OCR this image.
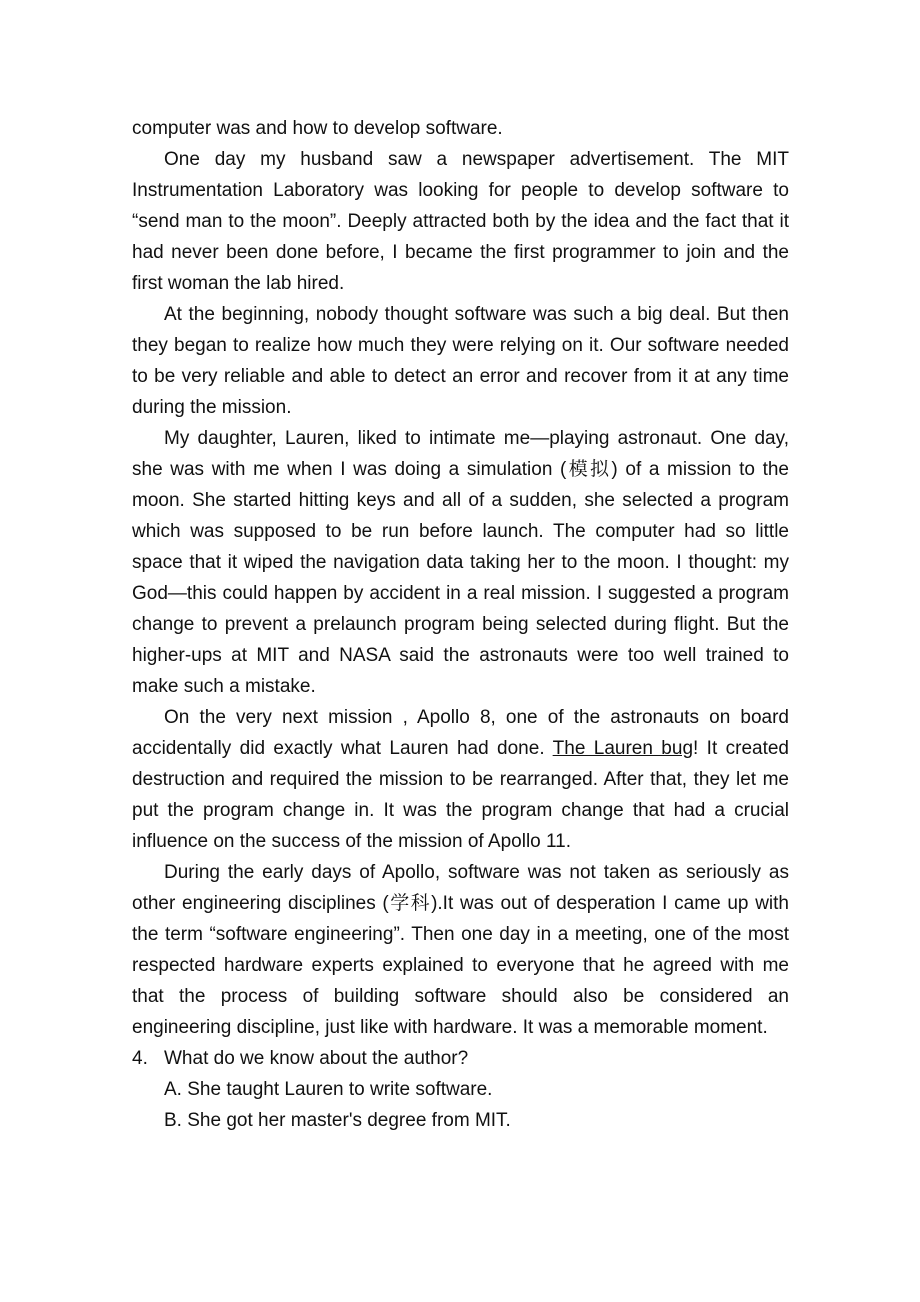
computer was and how to develop software.

One day my husband saw a newspaper advertisement. The MIT Instrumentation Laboratory was looking for people to develop software to “send man to the moon”. Deeply attracted both by the idea and the fact that it had never been done before, I became the first programmer to join and the first woman the lab hired.

At the beginning, nobody thought software was such a big deal. But then they began to realize how much they were relying on it. Our software needed to be very reliable and able to detect an error and recover from it at any time during the mission.

My daughter, Lauren, liked to intimate me—playing astronaut. One day, she was with me when I was doing a simulation (模拟) of a mission to the moon. She started hitting keys and all of a sudden, she selected a program which was supposed to be run before launch. The computer had so little space that it wiped the navigation data taking her to the moon. I thought: my God—this could happen by accident in a real mission. I suggested a program change to prevent a prelaunch program being selected during flight. But the higher-ups at MIT and NASA said the astronauts were too well trained to make such a mistake.

On the very next mission , Apollo 8, one of the astronauts on board accidentally did exactly what Lauren had done. The Lauren bug! It created destruction and required the mission to be rearranged. After that, they let me put the program change in. It was the program change that had a crucial influence on the success of the mission of Apollo 11.

During the early days of Apollo, software was not taken as seriously as other engineering disciplines (学科).It was out of desperation I came up with the term “software engineering”. Then one day in a meeting, one of the most respected hardware experts explained to everyone that he agreed with me that the process of building software should also be considered an engineering discipline, just like with hardware. It was a memorable moment.

4. What do we know about the author?

A. She taught Lauren to write software.

B. She got her master's degree from MIT.
